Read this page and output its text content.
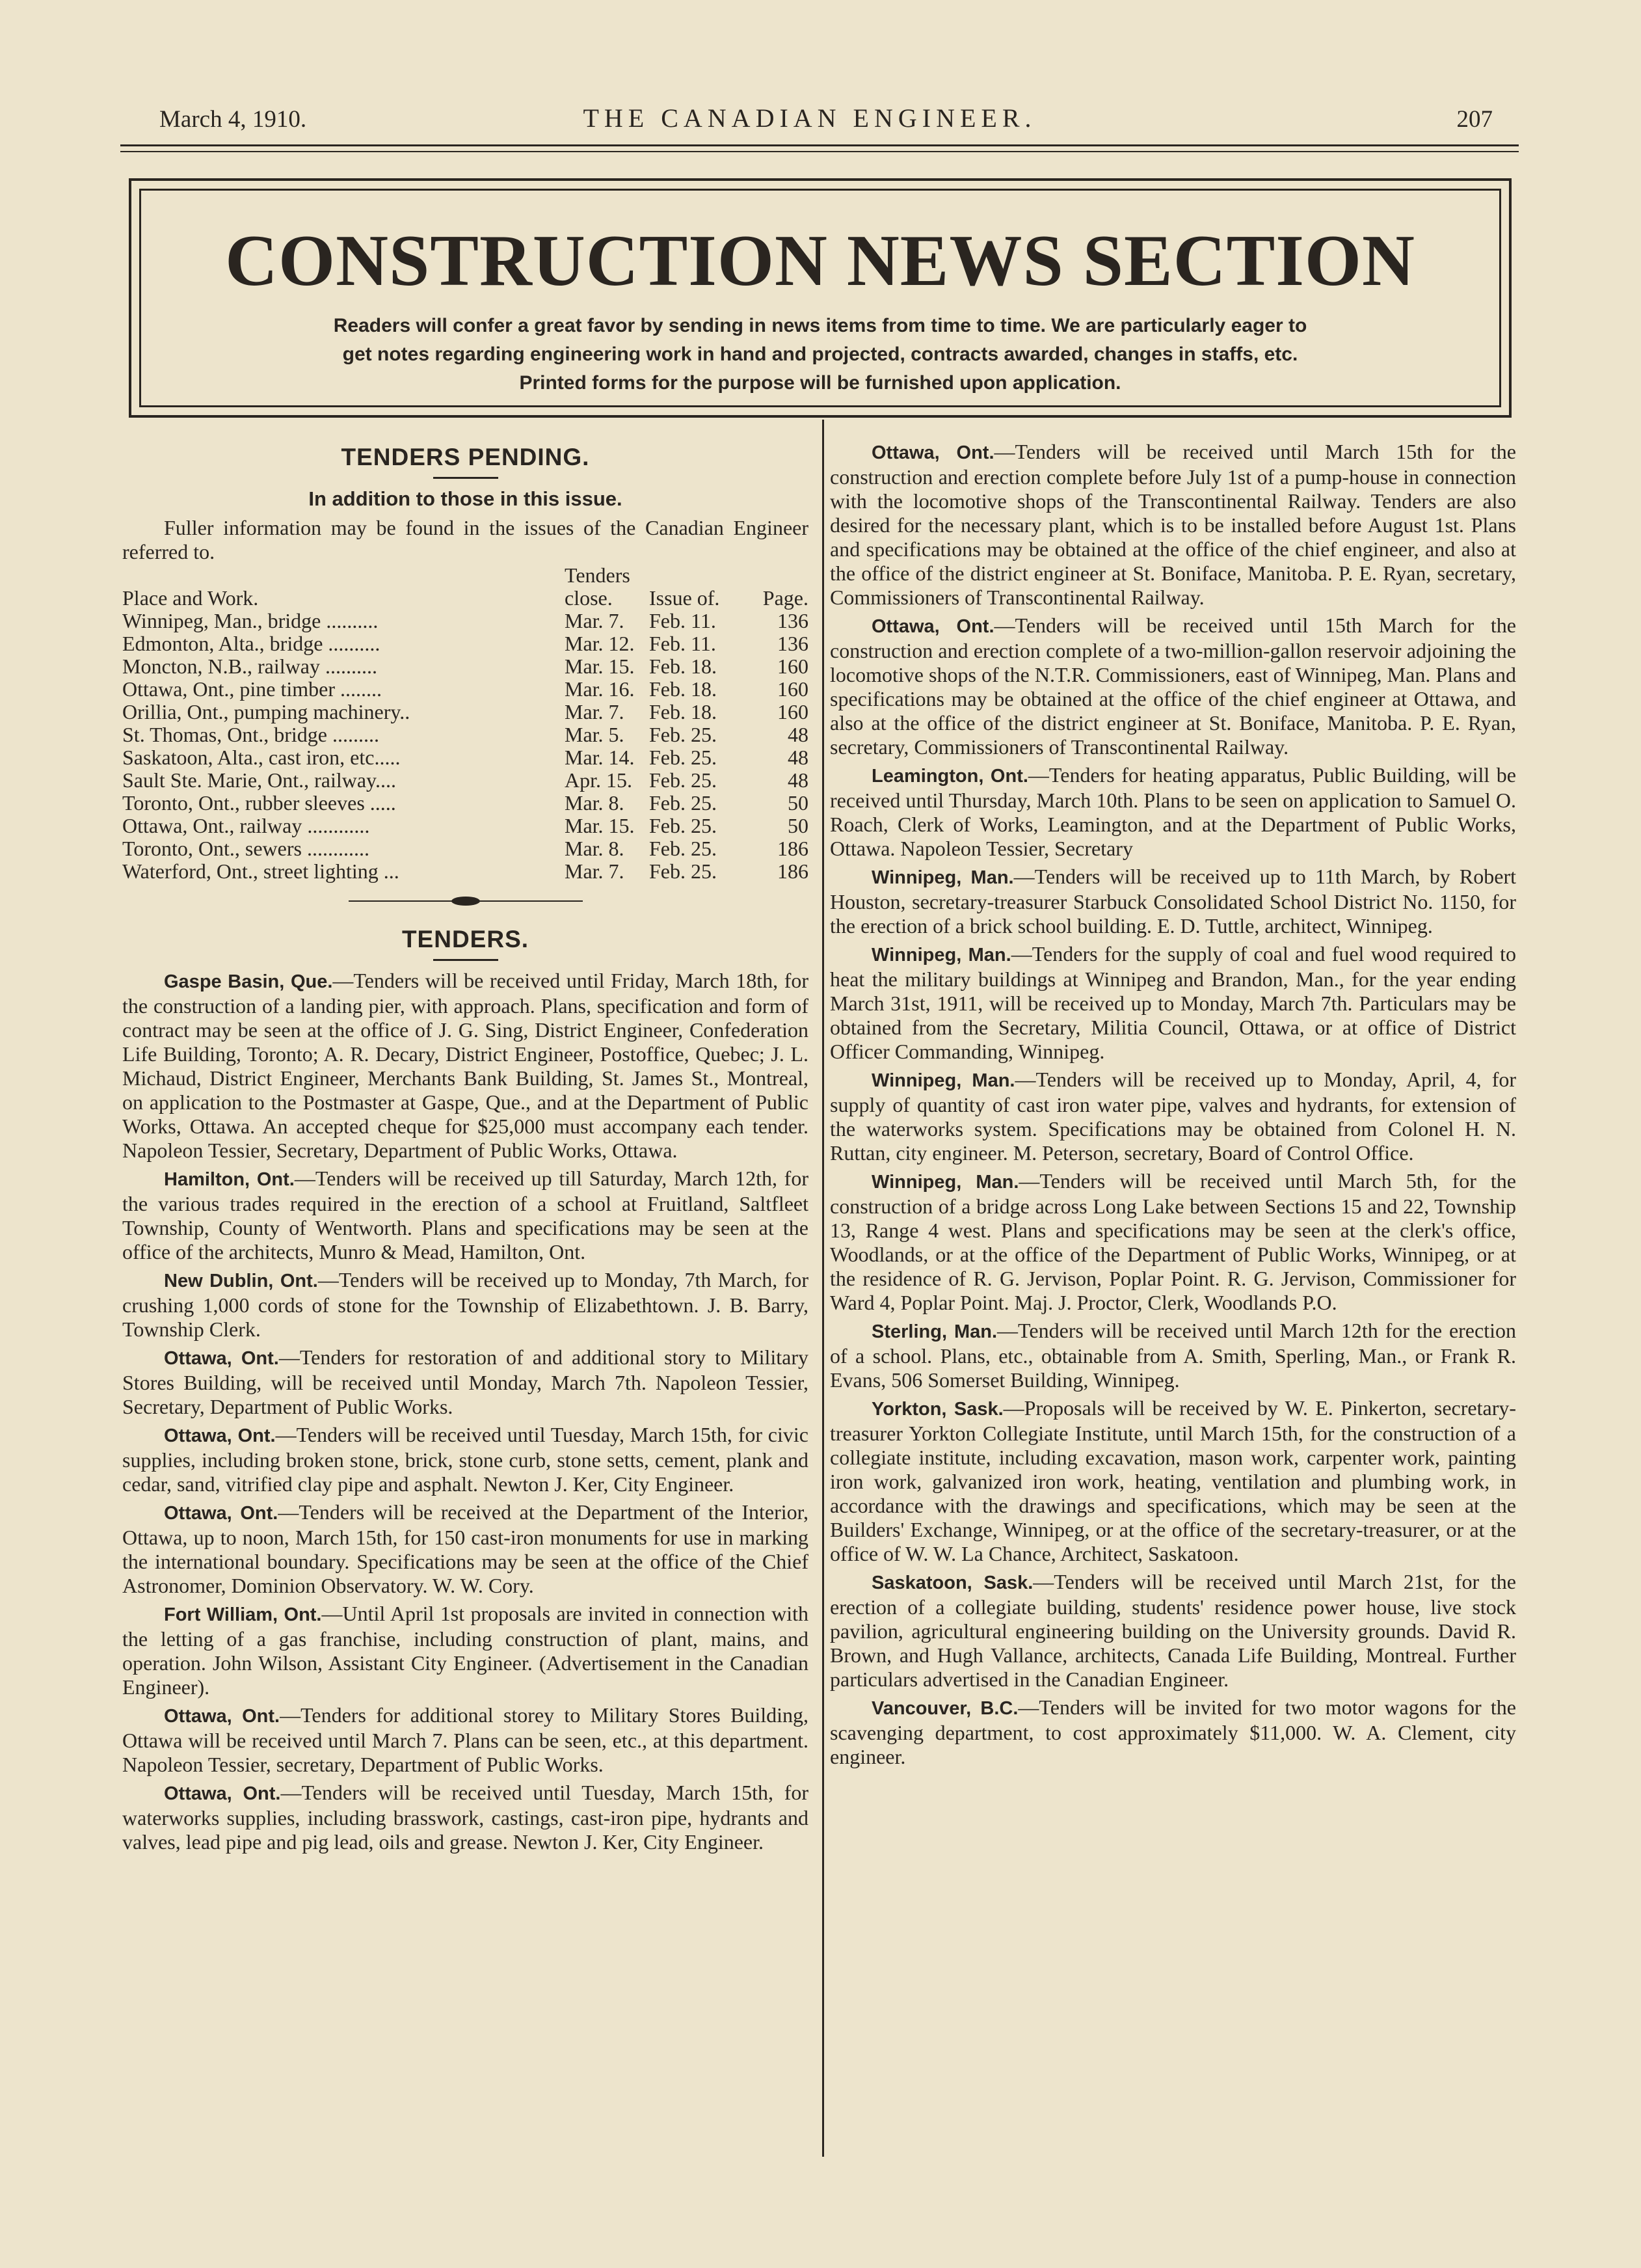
March 4, 1910.	THE CANADIAN ENGINEER.	207
CONSTRUCTION NEWS SECTION
Readers will confer a great favor by sending in news items from time to time. We are particularly eager to
get notes regarding engineering work in hand and projected, contracts awarded, changes in staffs, etc.
Printed forms for the purpose will be furnished upon application.
TENDERS PENDING.
In addition to those in this issue.

Fuller information may be found in the issues of the Canadian Engineer referred to.

	Tenders		
Place and Work.	close.	Issue of.	Page.
Winnipeg, Man., bridge ..........	Mar. 7.	Feb. 11.	136
Edmonton, Alta., bridge ..........	Mar. 12.	Feb. 11.	136
Moncton, N.B., railway ..........	Mar. 15.	Feb. 18.	160
Ottawa, Ont., pine timber ........	Mar. 16.	Feb. 18.	160
Orillia, Ont., pumping machinery..	Mar. 7.	Feb. 18.	160
St. Thomas, Ont., bridge .........	Mar. 5.	Feb. 25.	48
Saskatoon, Alta., cast iron, etc.....	Mar. 14.	Feb. 25.	48
Sault Ste. Marie, Ont., railway....	Apr. 15.	Feb. 25.	48
Toronto, Ont., rubber sleeves .....	Mar. 8.	Feb. 25.	50
Ottawa, Ont., railway ............	Mar. 15.	Feb. 25.	50
Toronto, Ont., sewers ............	Mar. 8.	Feb. 25.	186
Waterford, Ont., street lighting ...	Mar. 7.	Feb. 25.	186
TENDERS.

Gaspe Basin, Que.—Tenders will be received until Friday, March 18th, for the construction of a landing pier, with approach. Plans, specification and form of contract may be seen at the office of J. G. Sing, District Engineer, Confederation Life Building, Toronto; A. R. Decary, District Engineer, Postoffice, Quebec; J. L. Michaud, District Engineer, Merchants Bank Building, St. James St., Montreal, on application to the Postmaster at Gaspe, Que., and at the Department of Public Works, Ottawa. An accepted cheque for $25,000 must accompany each tender. Napoleon Tessier, Secretary, Department of Public Works, Ottawa.

Hamilton, Ont.—Tenders will be received up till Saturday, March 12th, for the various trades required in the erection of a school at Fruitland, Saltfleet Township, County of Wentworth. Plans and specifications may be seen at the office of the architects, Munro & Mead, Hamilton, Ont.

New Dublin, Ont.—Tenders will be received up to Monday, 7th March, for crushing 1,000 cords of stone for the Township of Elizabethtown. J. B. Barry, Township Clerk.

Ottawa, Ont.—Tenders for restoration of and additional story to Military Stores Building, will be received until Monday, March 7th. Napoleon Tessier, Secretary, Department of Public Works.

Ottawa, Ont.—Tenders will be received until Tuesday, March 15th, for civic supplies, including broken stone, brick, stone curb, stone setts, cement, plank and cedar, sand, vitrified clay pipe and asphalt. Newton J. Ker, City Engineer.

Ottawa, Ont.—Tenders will be received at the Department of the Interior, Ottawa, up to noon, March 15th, for 150 cast-iron monuments for use in marking the international boundary. Specifications may be seen at the office of the Chief Astronomer, Dominion Observatory. W. W. Cory.

Fort William, Ont.—Until April 1st proposals are invited in connection with the letting of a gas franchise, including construction of plant, mains, and operation. John Wilson, Assistant City Engineer. (Advertisement in the Canadian Engineer).

Ottawa, Ont.—Tenders for additional storey to Military Stores Building, Ottawa will be received until March 7. Plans can be seen, etc., at this department. Napoleon Tessier, secretary, Department of Public Works.

Ottawa, Ont.—Tenders will be received until Tuesday, March 15th, for waterworks supplies, including brasswork, castings, cast-iron pipe, hydrants and valves, lead pipe and pig lead, oils and grease. Newton J. Ker, City Engineer.

Ottawa, Ont.—Tenders will be received until March 15th for the construction and erection complete before July 1st of a pump-house in connection with the locomotive shops of the Transcontinental Railway. Tenders are also desired for the necessary plant, which is to be installed before August 1st. Plans and specifications may be obtained at the office of the chief engineer, and also at the office of the district engineer at St. Boniface, Manitoba. P. E. Ryan, secretary, Commissioners of Transcontinental Railway.

Ottawa, Ont.—Tenders will be received until 15th March for the construction and erection complete of a two-million-gallon reservoir adjoining the locomotive shops of the N.T.R. Commissioners, east of Winnipeg, Man. Plans and specifications may be obtained at the office of the chief engineer at Ottawa, and also at the office of the district engineer at St. Boniface, Manitoba. P. E. Ryan, secretary, Commissioners of Transcontinental Railway.

Leamington, Ont.—Tenders for heating apparatus, Public Building, will be received until Thursday, March 10th. Plans to be seen on application to Samuel O. Roach, Clerk of Works, Leamington, and at the Department of Public Works, Ottawa. Napoleon Tessier, Secretary

Winnipeg, Man.—Tenders will be received up to 11th March, by Robert Houston, secretary-treasurer Starbuck Consolidated School District No. 1150, for the erection of a brick school building. E. D. Tuttle, architect, Winnipeg.

Winnipeg, Man.—Tenders for the supply of coal and fuel wood required to heat the military buildings at Winnipeg and Brandon, Man., for the year ending March 31st, 1911, will be received up to Monday, March 7th. Particulars may be obtained from the Secretary, Militia Council, Ottawa, or at office of District Officer Commanding, Winnipeg.

Winnipeg, Man.—Tenders will be received up to Monday, April, 4, for supply of quantity of cast iron water pipe, valves and hydrants, for extension of the waterworks system. Specifications may be obtained from Colonel H. N. Ruttan, city engineer. M. Peterson, secretary, Board of Control Office.

Winnipeg, Man.—Tenders will be received until March 5th, for the construction of a bridge across Long Lake between Sections 15 and 22, Township 13, Range 4 west. Plans and specifications may be seen at the clerk's office, Woodlands, or at the office of the Department of Public Works, Winnipeg, or at the residence of R. G. Jervison, Poplar Point. R. G. Jervison, Commissioner for Ward 4, Poplar Point. Maj. J. Proctor, Clerk, Woodlands P.O.

Sterling, Man.—Tenders will be received until March 12th for the erection of a school. Plans, etc., obtainable from A. Smith, Sperling, Man., or Frank R. Evans, 506 Somerset Building, Winnipeg.

Yorkton, Sask.—Proposals will be received by W. E. Pinkerton, secretary-treasurer Yorkton Collegiate Institute, until March 15th, for the construction of a collegiate institute, including excavation, mason work, carpenter work, painting iron work, galvanized iron work, heating, ventilation and plumbing work, in accordance with the drawings and specifications, which may be seen at the Builders' Exchange, Winnipeg, or at the office of the secretary-treasurer, or at the office of W. W. La Chance, Architect, Saskatoon.

Saskatoon, Sask.—Tenders will be received until March 21st, for the erection of a collegiate building, students' residence power house, live stock pavilion, agricultural engineering building on the University grounds. David R. Brown, and Hugh Vallance, architects, Canada Life Building, Montreal. Further particulars advertised in the Canadian Engineer.

Vancouver, B.C.—Tenders will be invited for two motor wagons for the scavenging department, to cost approximately $11,000. W. A. Clement, city engineer.
